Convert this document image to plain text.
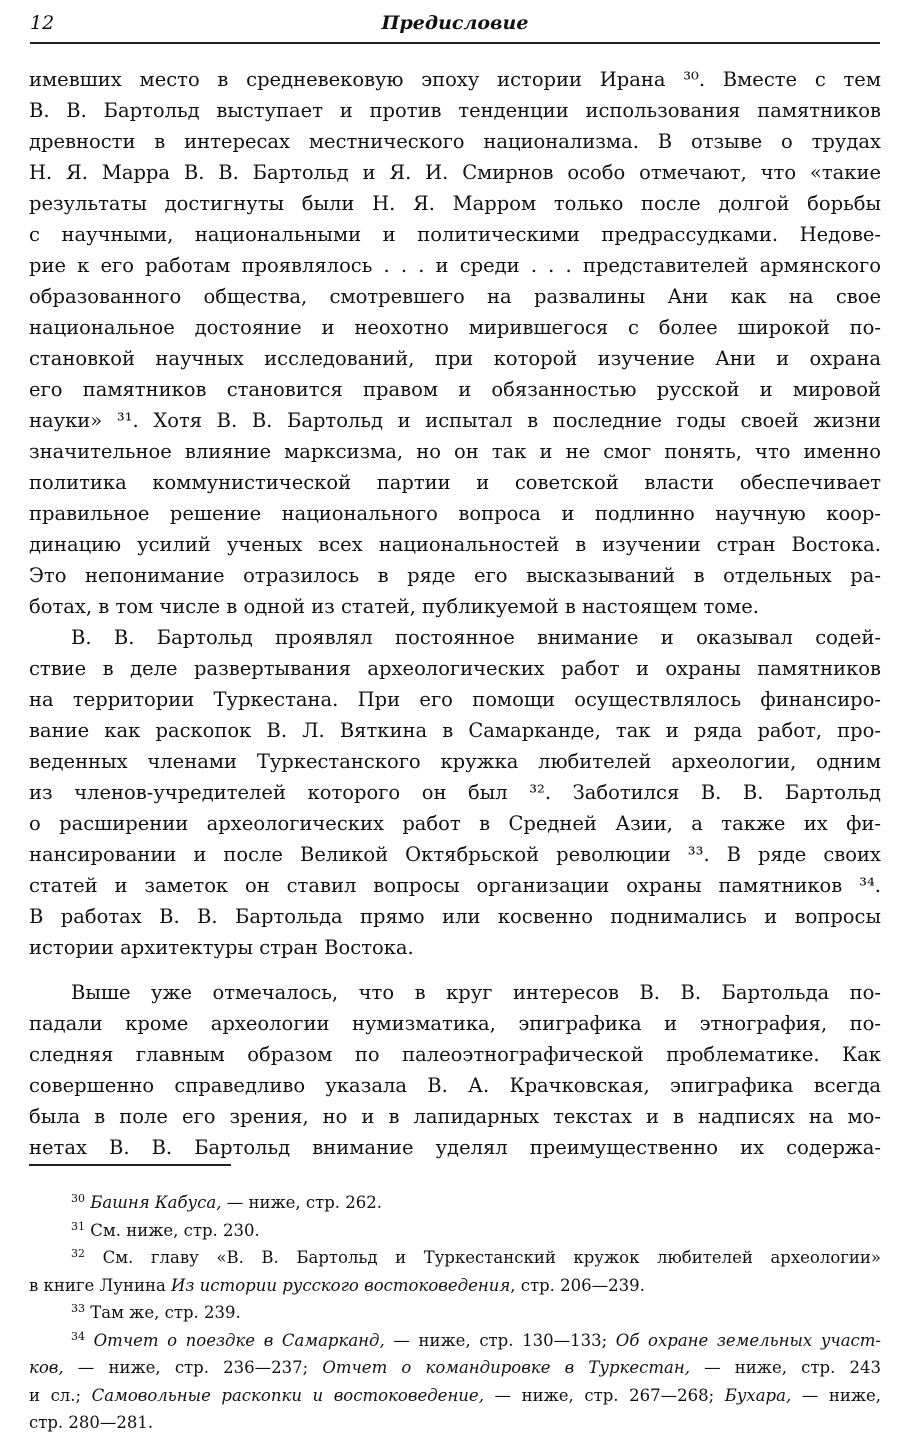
12	Предисловие
имевших место в средневековую эпоху истории Ирана ³⁰. Вместе с тем
В. В. Бартольд выступает и против тенденции использования памятников
древности в интересах местнического национализма. В отзыве о трудах
Н. Я. Марра В. В. Бартольд и Я. И. Смирнов особо отмечают, что «такие
результаты достигнуты были Н. Я. Марром только после долгой борьбы
с научными, национальными и политическими предрассудками. Недове-
рие к его работам проявлялось . . . и среди . . . представителей армянского
образованного общества, смотревшего на развалины Ани как на свое
национальное достояние и неохотно мирившегося с более широкой по-
становкой научных исследований, при которой изучение Ани и охрана
его памятников становится правом и обязанностью русской и мировой
науки» ³¹. Хотя В. В. Бартольд и испытал в последние годы своей жизни
значительное влияние марксизма, но он так и не смог понять, что именно
политика коммунистической партии и советской власти обеспечивает
правильное решение национального вопроса и подлинно научную коор-
динацию усилий ученых всех национальностей в изучении стран Востока.
Это непонимание отразилось в ряде его высказываний в отдельных ра-
ботах, в том числе в одной из статей, публикуемой в настоящем томе.
В. В. Бартольд проявлял постоянное внимание и оказывал содей-
ствие в деле развертывания археологических работ и охраны памятников
на территории Туркестана. При его помощи осуществлялось финансиро-
вание как раскопок В. Л. Вяткина в Самарканде, так и ряда работ, про-
веденных членами Туркестанского кружка любителей археологии, одним
из членов-учредителей которого он был ³². Заботился В. В. Бартольд
о расширении археологических работ в Средней Азии, а также их фи-
нансировании и после Великой Октябрьской революции ³³. В ряде своих
статей и заметок он ставил вопросы организации охраны памятников ³⁴.
В работах В. В. Бартольда прямо или косвенно поднимались и вопросы
истории архитектуры стран Востока.
Выше уже отмечалось, что в круг интересов В. В. Бартольда по-
падали кроме археологии нумизматика, эпиграфика и этнография, по-
следняя главным образом по палеоэтнографической проблематике. Как
совершенно справедливо указала В. А. Крачковская, эпиграфика всегда
была в поле его зрения, но и в лапидарных текстах и в надписях на мо-
нетах В. В. Бартольд внимание уделял преимущественно их содержа-
$^{30}$ Башня Кабуса, — ниже, стр. 262.
$^{31}$ См. ниже, стр. 230.
$^{32}$ См. главу «В. В. Бартольд и Туркестанский кружок любителей археологии»
в книге Лунина Из истории русского востоковедения, стр. 206—239.
$^{33}$ Там же, стр. 239.
$^{34}$ Отчет о поездке в Самарканд, — ниже, стр. 130—133; Об охране земельных участ-
ков, — ниже, стр. 236—237; Отчет о командировке в Туркестан, — ниже, стр. 243
и сл.; Самовольные раскопки и востоковедение, — ниже, стр. 267—268; Бухара, — ниже,
стр. 280—281.
